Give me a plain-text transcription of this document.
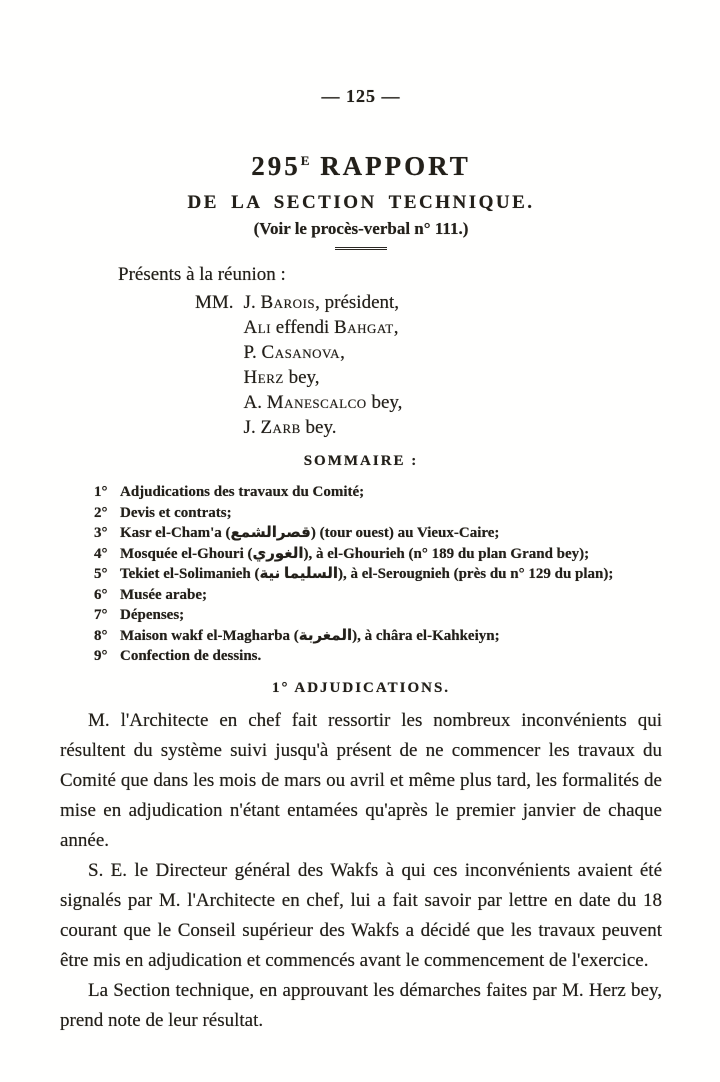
— 125 —
$295^E$ RAPPORT
DE LA SECTION TECHNIQUE.
(Voir le procès-verbal n° 111.)
Présents à la réunion :
MM. J. Barois, président,
Ali effendi Bahgat,
P. Casanova,
Herz bey,
A. Manescalco bey,
J. Zarb bey.
SOMMAIRE :
1° Adjudications des travaux du Comité;
2° Devis et contrats;
3° Kasr el-Cham'a (قصرالشمع) (tour ouest) au Vieux-Caire;
4° Mosquée el-Ghouri (الغوري), à el-Ghourieh (n° 189 du plan Grand bey);
5° Tekiet el-Solimanieh (السليما نية), à el-Serougnieh (près du n° 129 du plan);
6° Musée arabe;
7° Dépenses;
8° Maison wakf el-Magharba (المغربة), à châra el-Kahkeiyn;
9° Confection de dessins.
1° ADJUDICATIONS.

M. l'Architecte en chef fait ressortir les nombreux inconvénients qui résultent du système suivi jusqu'à présent de ne commencer les travaux du Comité que dans les mois de mars ou avril et même plus tard, les formalités de mise en adjudication n'étant entamées qu'après le premier janvier de chaque année.

S. E. le Directeur général des Wakfs à qui ces inconvénients avaient été signalés par M. l'Architecte en chef, lui a fait savoir par lettre en date du 18 courant que le Conseil supérieur des Wakfs a décidé que les travaux peuvent être mis en adjudication et commencés avant le commencement de l'exercice.

La Section technique, en approuvant les démarches faites par M. Herz bey, prend note de leur résultat.
